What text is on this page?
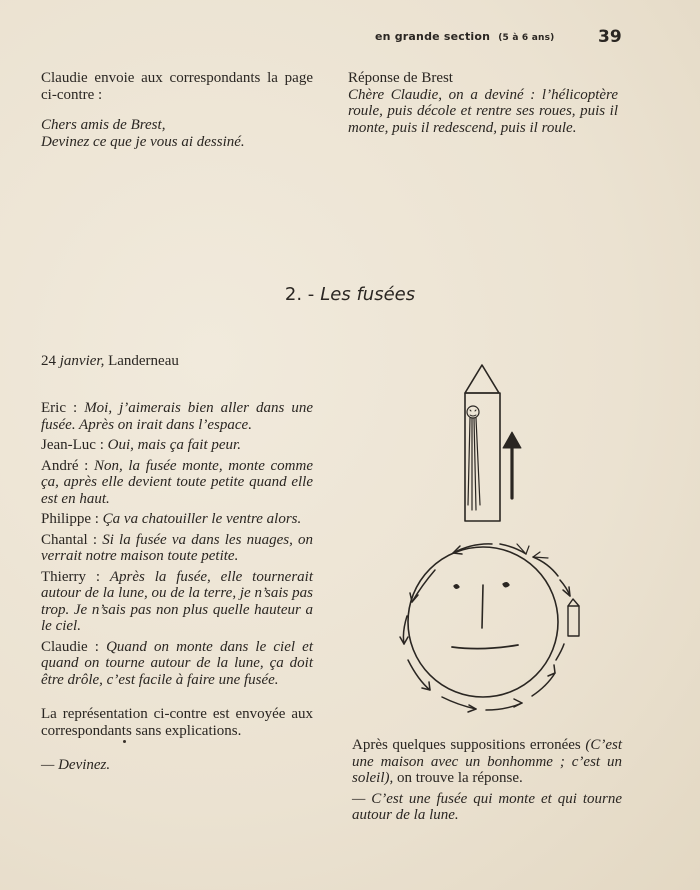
en grande section (5 à 6 ans)	39

Claudie envoie aux correspondants la page ci-contre :

Chers amis de Brest,

Devinez ce que je vous ai dessiné.

Réponse de Brest

Chère Claudie, on a deviné : l’hélicoptère roule, puis décole et rentre ses roues, puis il monte, puis il redescend, puis il roule.

2. - Les fusées
24 janvier, Landerneau

Eric : Moi, j’aimerais bien aller dans une fusée. Après on irait dans l’espace.

Jean-Luc : Oui, mais ça fait peur.

André : Non, la fusée monte, monte comme ça, après elle devient toute petite quand elle est en haut.

Philippe : Ça va chatouiller le ventre alors.

Chantal : Si la fusée va dans les nuages, on verrait notre maison toute petite.

Thierry : Après la fusée, elle tournerait autour de la lune, ou de la terre, je n’sais pas trop. Je n’sais pas non plus quelle hauteur a le ciel.

Claudie : Quand on monte dans le ciel et quand on tourne autour de la lune, ça doit être drôle, c’est facile à faire une fusée.

La représentation ci-contre est envoyée aux correspondants sans explications.

— Devinez.

Après quelques suppositions erronées (C’est une maison avec un bonhomme ; c’est un soleil), on trouve la réponse.

— C’est une fusée qui monte et qui tourne autour de la lune.
